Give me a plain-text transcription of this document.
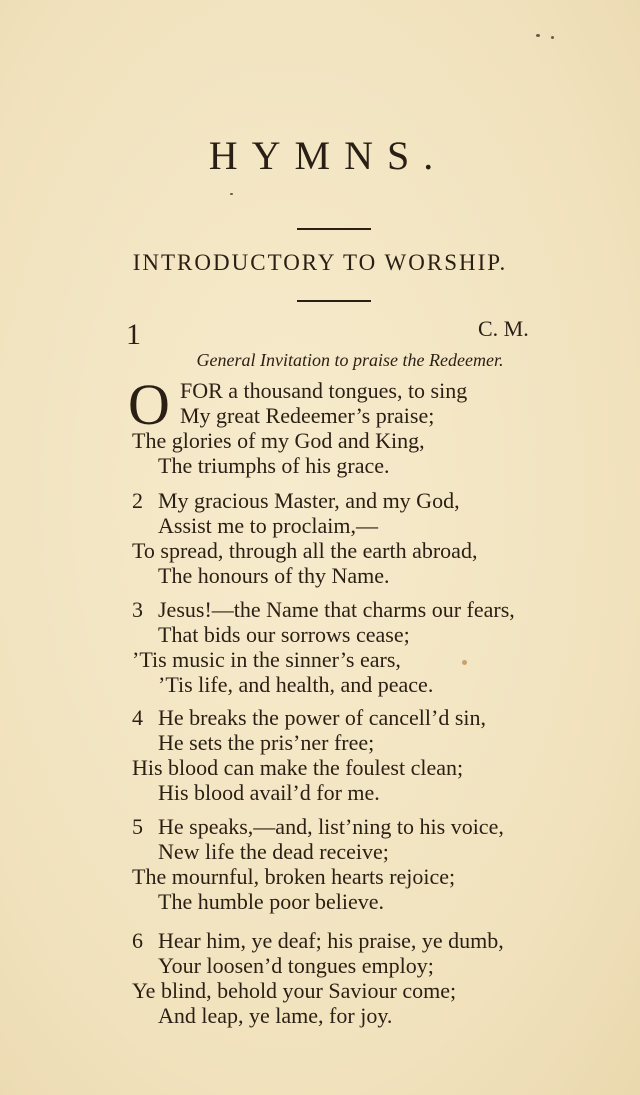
HYMNS.
INTRODUCTORY TO WORSHIP.
1	C. M.
General Invitation to praise the Redeemer.
O FOR a thousand tongues, to sing
My great Redeemer’s praise;
The glories of my God and King,
The triumphs of his grace.
2 My gracious Master, and my God,
Assist me to proclaim,—
To spread, through all the earth abroad,
The honours of thy Name.
3 Jesus!—the Name that charms our fears,
That bids our sorrows cease;
’Tis music in the sinner’s ears,
’Tis life, and health, and peace.
4 He breaks the power of cancell’d sin,
He sets the pris’ner free;
His blood can make the foulest clean;
His blood avail’d for me.
5 He speaks,—and, list’ning to his voice,
New life the dead receive;
The mournful, broken hearts rejoice;
The humble poor believe.
6 Hear him, ye deaf; his praise, ye dumb,
Your loosen’d tongues employ;
Ye blind, behold your Saviour come;
And leap, ye lame, for joy.
